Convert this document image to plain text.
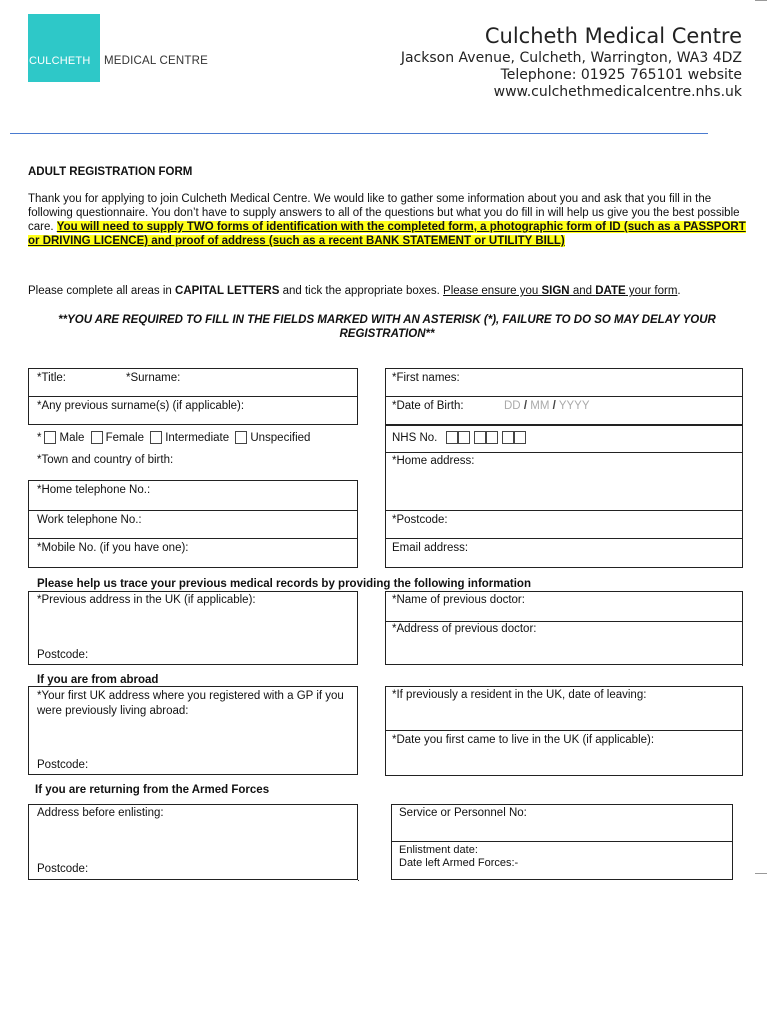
CULCHETH MEDICAL CENTRE
Culcheth Medical Centre
Jackson Avenue, Culcheth, Warrington, WA3 4DZ
Telephone: 01925 765101 website
www.culchethmedicalcentre.nhs.uk
ADULT REGISTRATION FORM
Thank you for applying to join Culcheth Medical Centre. We would like to gather some information about you and ask that you fill in the following questionnaire. You don’t have to supply answers to all of the questions but what you do fill in will help us give you the best possible care. You will need to supply TWO forms of identification with the completed form, a photographic form of ID (such as a PASSPORT or DRIVING LICENCE) and proof of address (such as a recent BANK STATEMENT or UTILITY BILL)
Please complete all areas in CAPITAL LETTERS and tick the appropriate boxes. Please ensure you SIGN and DATE your form.
**YOU ARE REQUIRED TO FILL IN THE FIELDS MARKED WITH AN ASTERISK (*), FAILURE TO DO SO MAY DELAY YOUR REGISTRATION**
*Title:	*Surname:	*First names:
*Any previous surname(s) (if applicable):	*Date of Birth:	DD / MM / YYYY
* Male Female Intermediate Unspecified	NHS No.
*Town and country of birth:	*Home address:
*Home telephone No.:
Work telephone No.:	*Postcode:
*Mobile No. (if you have one):	Email address:
Please help us trace your previous medical records by providing the following information
*Previous address in the UK (if applicable):
Postcode:
*Name of previous doctor:
*Address of previous doctor:
If you are from abroad
*Your first UK address where you registered with a GP if you were previously living abroad:
Postcode:
*If previously a resident in the UK, date of leaving:
*Date you first came to live in the UK (if applicable):
If you are returning from the Armed Forces
Address before enlisting:
Postcode:
Service or Personnel No:
Enlistment date:
Date left Armed Forces:-
